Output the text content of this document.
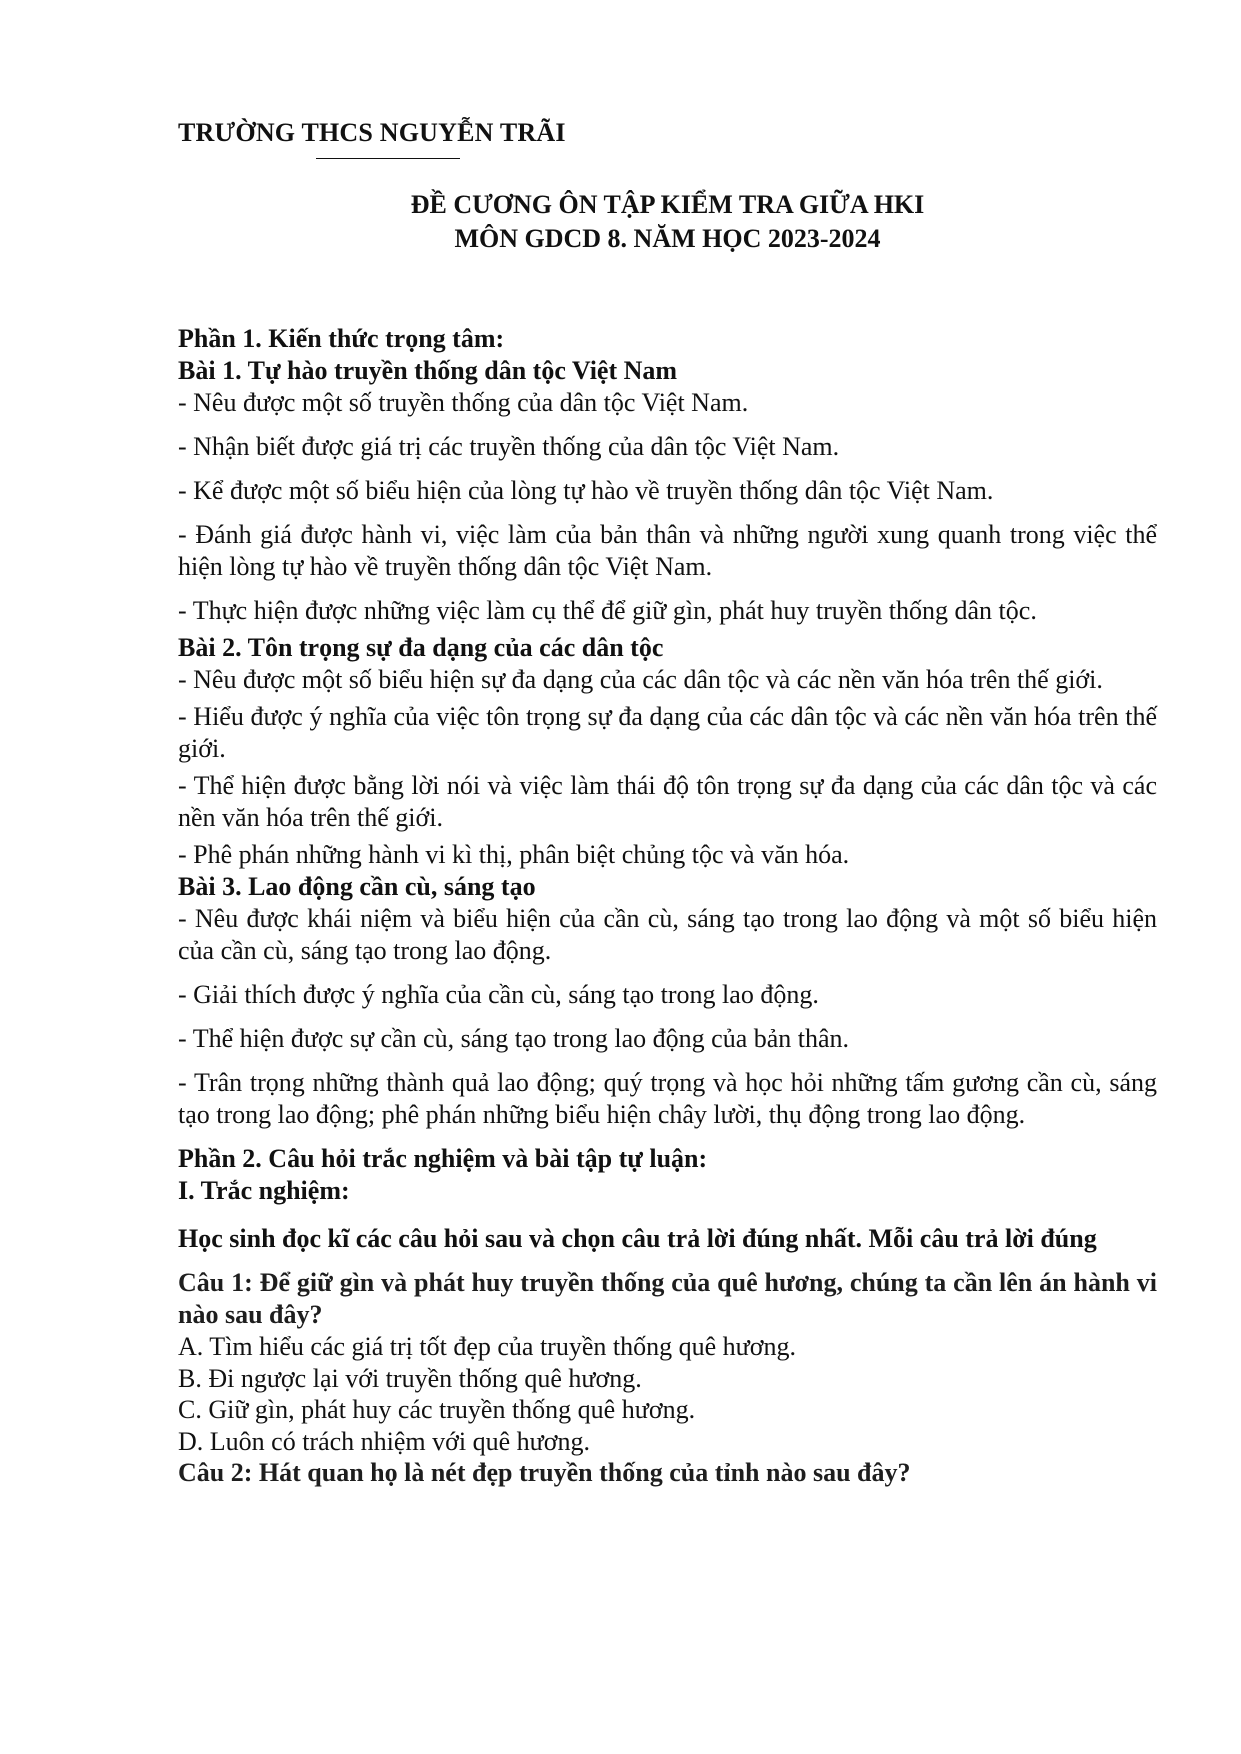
TRƯỜNG THCS NGUYỄN TRÃI
ĐỀ CƯƠNG ÔN TẬP KIỂM TRA GIỮA HKI
MÔN GDCD 8. NĂM HỌC 2023-2024
Phần 1. Kiến thức trọng tâm:
Bài 1. Tự hào truyền thống dân tộc Việt Nam
- Nêu được một số truyền thống của dân tộc Việt Nam.
- Nhận biết được giá trị các truyền thống của dân tộc Việt Nam.
- Kể được một số biểu hiện của lòng tự hào về truyền thống dân tộc Việt Nam.
- Đánh giá được hành vi, việc làm của bản thân và những người xung quanh trong việc thể hiện lòng tự hào về truyền thống dân tộc Việt Nam.
- Thực hiện được những việc làm cụ thể để giữ gìn, phát huy truyền thống dân tộc.
Bài 2. Tôn trọng sự đa dạng của các dân tộc
- Nêu được một số biểu hiện sự đa dạng của các dân tộc và các nền văn hóa trên thế giới.
- Hiểu được ý nghĩa của việc tôn trọng sự đa dạng của các dân tộc và các nền văn hóa trên thế giới.
- Thể hiện được bằng lời nói và việc làm thái độ tôn trọng sự đa dạng của các dân tộc và các nền văn hóa trên thế giới.
- Phê phán những hành vi kì thị, phân biệt chủng tộc và văn hóa.
Bài 3. Lao động cần cù, sáng tạo
- Nêu được khái niệm và biểu hiện của cần cù, sáng tạo trong lao động và một số biểu hiện của cần cù, sáng tạo trong lao động.
- Giải thích được ý nghĩa của cần cù, sáng tạo trong lao động.
- Thể hiện được sự cần cù, sáng tạo trong lao động của bản thân.
- Trân trọng những thành quả lao động; quý trọng và học hỏi những tấm gương cần cù, sáng tạo trong lao động; phê phán những biểu hiện chây lười, thụ động trong lao động.
Phần 2. Câu hỏi trắc nghiệm và bài tập tự luận:
I. Trắc nghiệm:
Học sinh đọc kĩ các câu hỏi sau và chọn câu trả lời đúng nhất. Mỗi câu trả lời đúng
Câu 1: Để giữ gìn và phát huy truyền thống của quê hương, chúng ta cần lên án hành vi nào sau đây?
A. Tìm hiểu các giá trị tốt đẹp của truyền thống quê hương.
B. Đi ngược lại với truyền thống quê hương.
C. Giữ gìn, phát huy các truyền thống quê hương.
D. Luôn có trách nhiệm với quê hương.
Câu 2: Hát quan họ là nét đẹp truyền thống của tỉnh nào sau đây?
